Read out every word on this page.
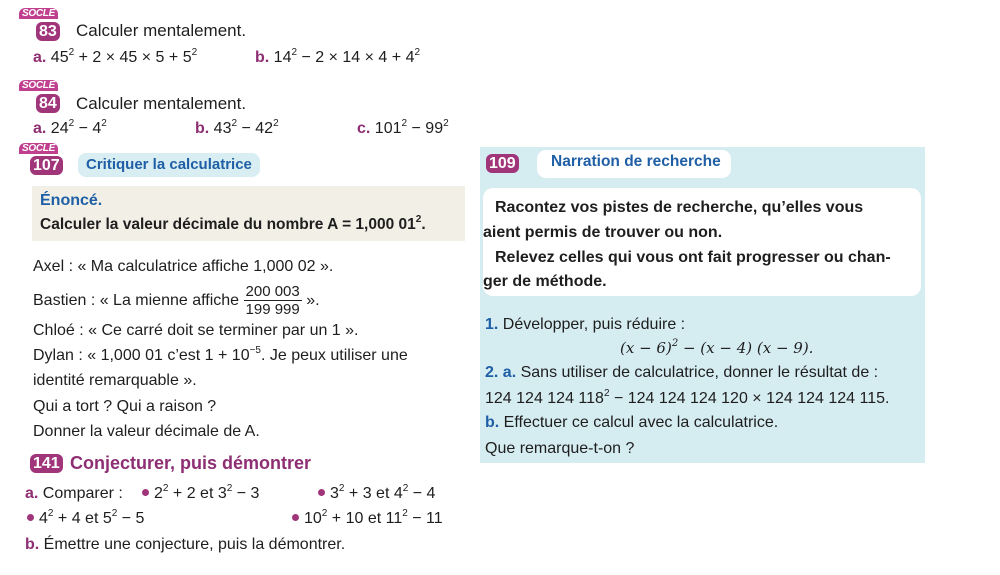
SOCLE
83 Calculer mentalement.
a. $45^2 + 2 \times 45 \times 5 + 5^2$	b. $14^2 - 2 \times 14 \times 4 + 4^2$
SOCLE
84 Calculer mentalement.
a. $24^2 - 4^2$	b. $43^2 - 42^2$	c. $101^2 - 99^2$
SOCLE
107	Critiquer la calculatrice
Énoncé.
Calculer la valeur décimale du nombre A = 1,000 $01^2$.
Axel : « Ma calculatrice affiche 1,000 02 ».
Bastien : « La mienne affiche $\frac{200 003}{199 999}$ ».
Chloé : « Ce carré doit se terminer par un 1 ».
Dylan : « 1,000 01 c’est $1 + 10^{-5}$. Je peux utiliser une
identité remarquable ».
Qui a tort ? Qui a raison ?
Donner la valeur décimale de A.
141 Conjecturer, puis démontrer
a. Comparer :	$2^2 + 2$ et $3^2 - 3$	$3^2 + 3$ et $4^2 - 4$
$4^2 + 4$ et $5^2 - 5$	$10^2 + 10$ et $11^2 - 11$
b. Émettre une conjecture, puis la démontrer.
109 Narration de recherche
Racontez vos pistes de recherche, qu’elles vous
aient permis de trouver ou non.
Relevez celles qui vous ont fait progresser ou chan-
ger de méthode.
1. Développer, puis réduire :
$(x - 6)^2 - (x - 4)$ (x − 9).
2. a. Sans utiliser de calculatrice, donner le résultat de :
124 124 124 $118^2 - 124$ 124 124 120 × 124 124 124 115.
b. Effectuer ce calcul avec la calculatrice.
Que remarque-t-on ?
